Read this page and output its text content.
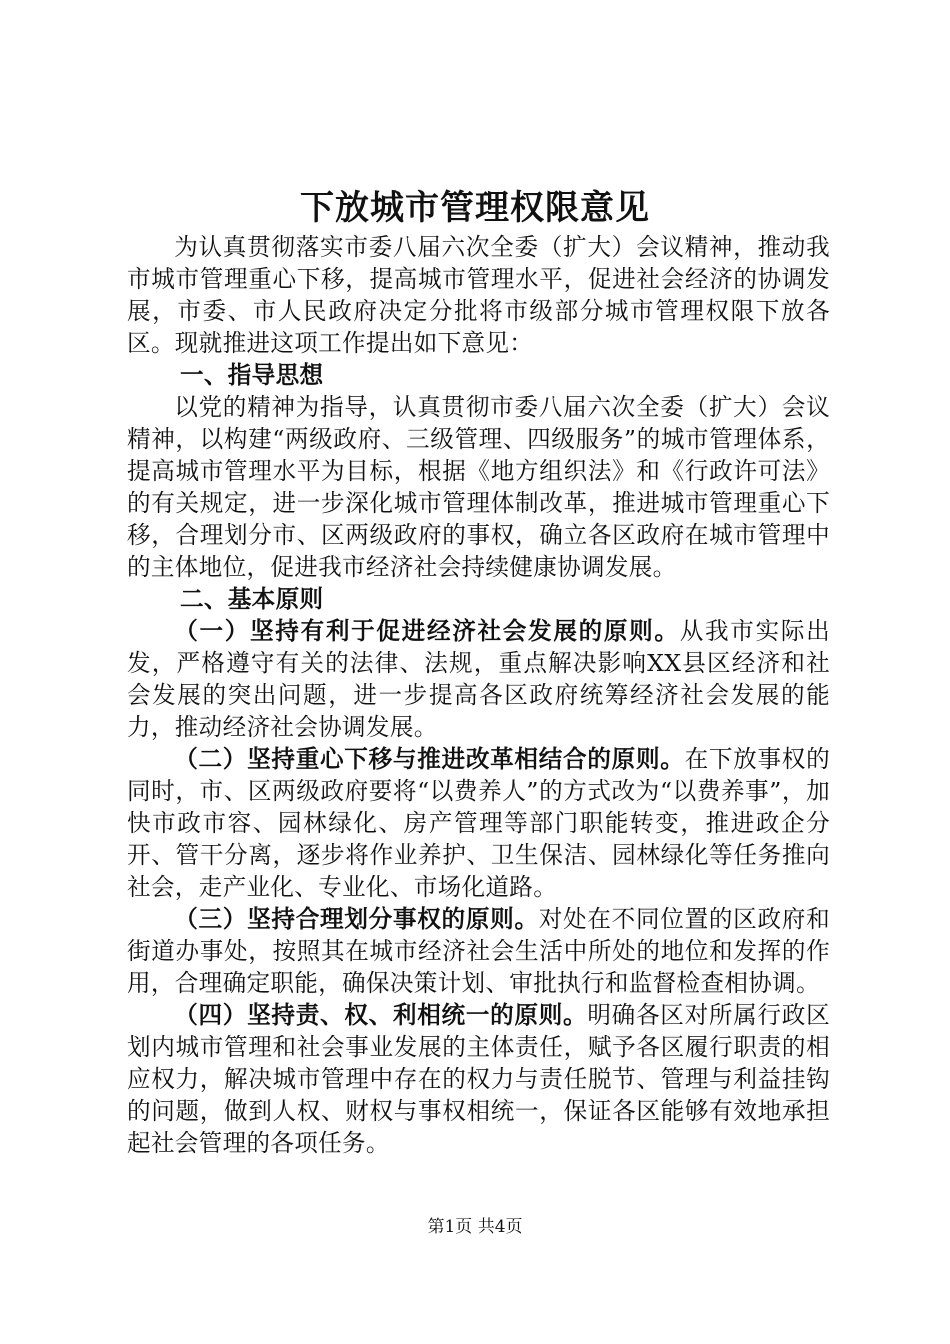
下放城市管理权限意见

为认真贯彻落实市委八届六次全委（扩大）会议精神，推动我市城市管理重心下移，提高城市管理水平，促进社会经济的协调发展，市委、市人民政府决定分批将市级部分城市管理权限下放各区。现就推进这项工作提出如下意见：

一、指导思想

以党的精神为指导，认真贯彻市委八届六次全委（扩大）会议精神，以构建“两级政府、三级管理、四级服务”的城市管理体系，提高城市管理水平为目标，根据《地方组织法》和《行政许可法》的有关规定，进一步深化城市管理体制改革，推进城市管理重心下移，合理划分市、区两级政府的事权，确立各区政府在城市管理中的主体地位，促进我市经济社会持续健康协调发展。

二、基本原则

（一）坚持有利于促进经济社会发展的原则。从我市实际出发，严格遵守有关的法律、法规，重点解决影响XX县区经济和社会发展的突出问题，进一步提高各区政府统筹经济社会发展的能力，推动经济社会协调发展。

（二）坚持重心下移与推进改革相结合的原则。在下放事权的同时，市、区两级政府要将“以费养人”的方式改为“以费养事”，加快市政市容、园林绿化、房产管理等部门职能转变，推进政企分开、管干分离，逐步将作业养护、卫生保洁、园林绿化等任务推向社会，走产业化、专业化、市场化道路。

（三）坚持合理划分事权的原则。对处在不同位置的区政府和街道办事处，按照其在城市经济社会生活中所处的地位和发挥的作用，合理确定职能，确保决策计划、审批执行和监督检查相协调。

（四）坚持责、权、利相统一的原则。明确各区对所属行政区划内城市管理和社会事业发展的主体责任，赋予各区履行职责的相应权力，解决城市管理中存在的权力与责任脱节、管理与利益挂钩的问题，做到人权、财权与事权相统一，保证各区能够有效地承担起社会管理的各项任务。

第1页 共4页
